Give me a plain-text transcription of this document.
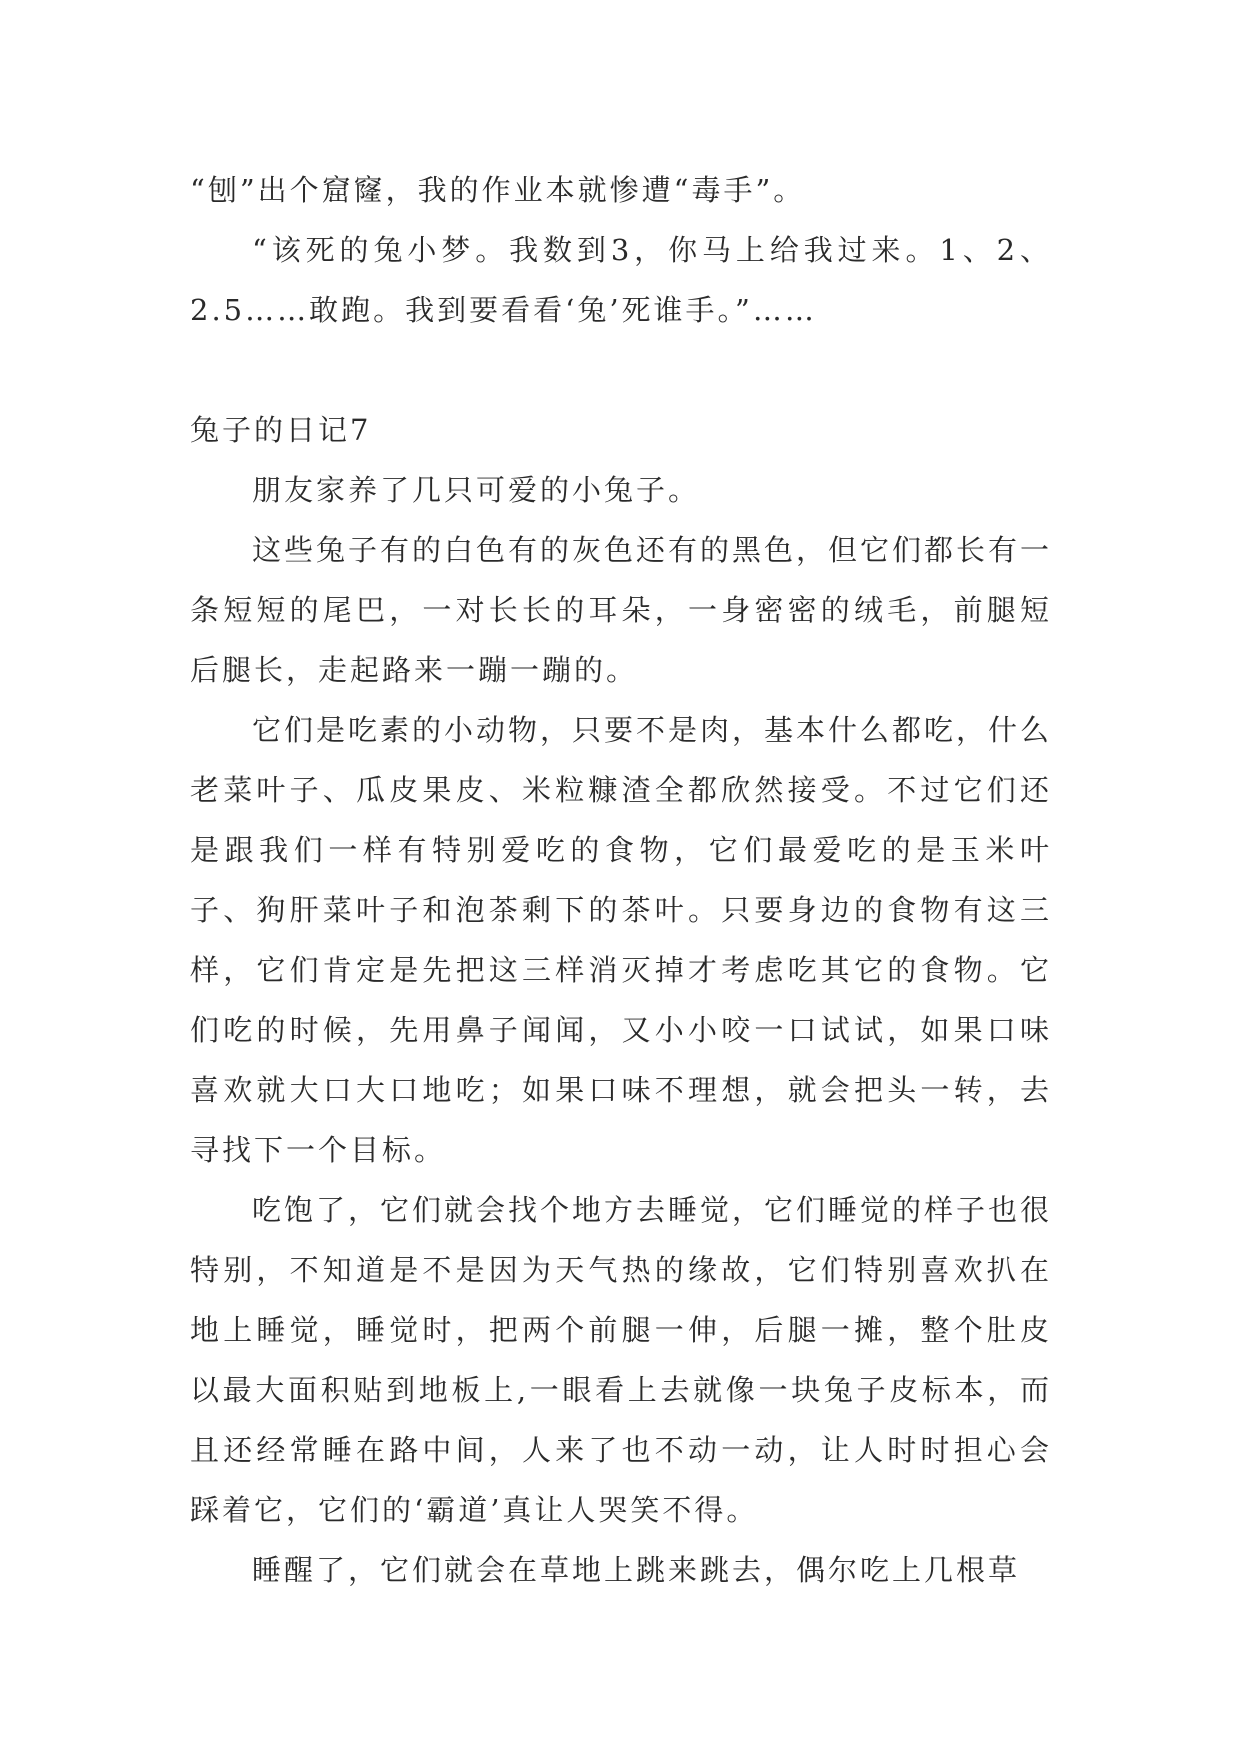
“刨”出个窟窿，我的作业本就惨遭“毒手”。

“该死的兔小梦。我数到3，你马上给我过来。1、2、2.5……敢跑。我到要看看‘兔’死谁手。”……

兔子的日记7

朋友家养了几只可爱的小兔子。

这些兔子有的白色有的灰色还有的黑色，但它们都长有一条短短的尾巴，一对长长的耳朵，一身密密的绒毛，前腿短后腿长，走起路来一蹦一蹦的。

它们是吃素的小动物，只要不是肉，基本什么都吃，什么老菜叶子、瓜皮果皮、米粒糠渣全都欣然接受。不过它们还是跟我们一样有特别爱吃的食物，它们最爱吃的是玉米叶子、狗肝菜叶子和泡茶剩下的茶叶。只要身边的食物有这三样，它们肯定是先把这三样消灭掉才考虑吃其它的食物。它们吃的时候，先用鼻子闻闻，又小小咬一口试试，如果口味喜欢就大口大口地吃；如果口味不理想，就会把头一转，去寻找下一个目标。

吃饱了，它们就会找个地方去睡觉，它们睡觉的样子也很特别，不知道是不是因为天气热的缘故，它们特别喜欢扒在地上睡觉，睡觉时，把两个前腿一伸，后腿一摊，整个肚皮以最大面积贴到地板上,一眼看上去就像一块兔子皮标本，而且还经常睡在路中间，人来了也不动一动，让人时时担心会踩着它，它们的‘霸道’真让人哭笑不得。

睡醒了，它们就会在草地上跳来跳去，偶尔吃上几根草
